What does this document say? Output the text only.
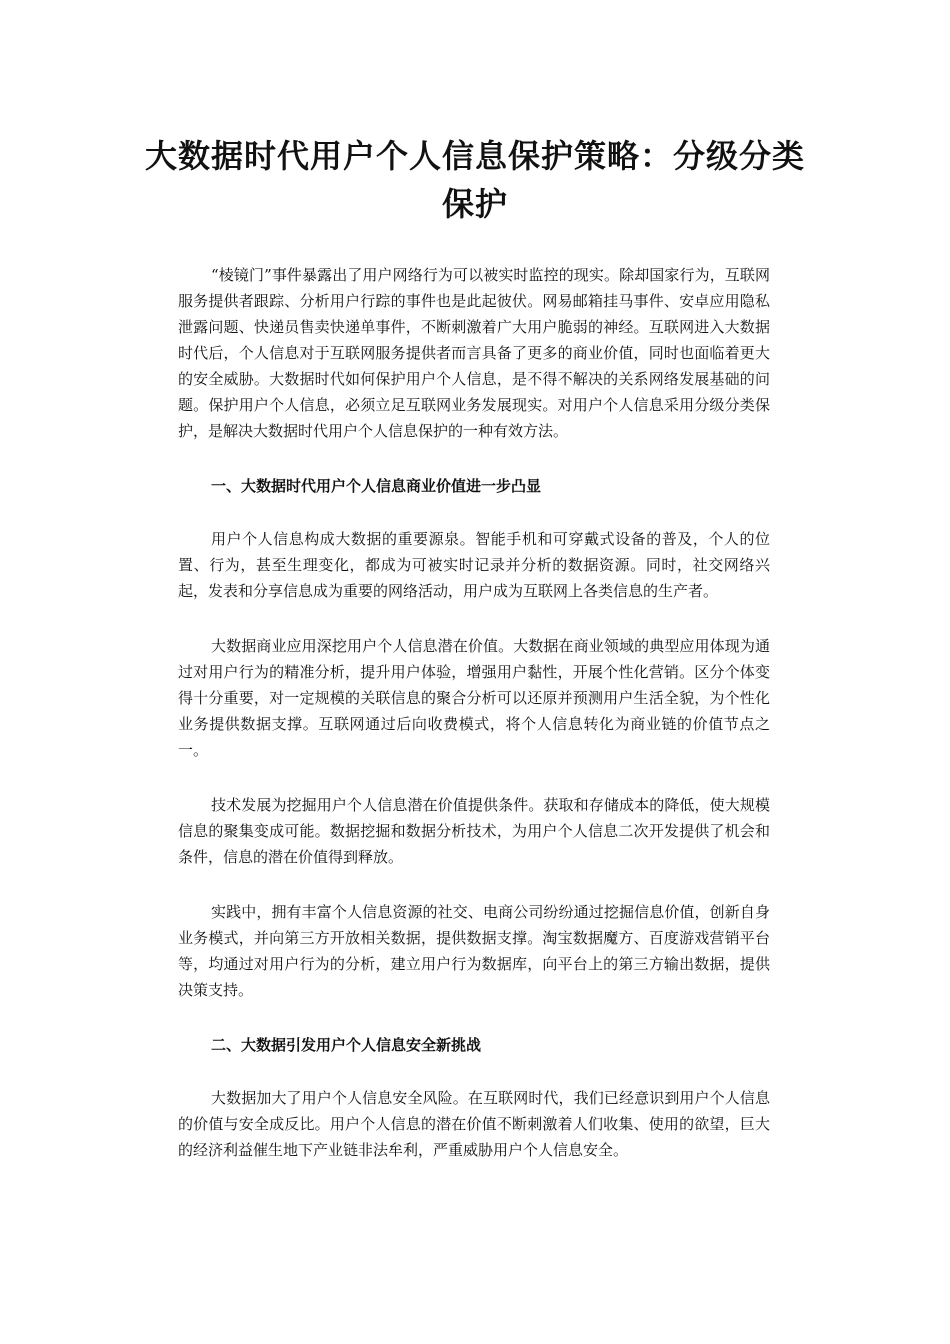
大数据时代用户个人信息保护策略：分级分类保护

“棱镜门”事件暴露出了用户网络行为可以被实时监控的现实。除却国家行为，互联网服务提供者跟踪、分析用户行踪的事件也是此起彼伏。网易邮箱挂马事件、安卓应用隐私泄露问题、快递员售卖快递单事件，不断刺激着广大用户脆弱的神经。互联网进入大数据时代后，个人信息对于互联网服务提供者而言具备了更多的商业价值，同时也面临着更大的安全威胁。大数据时代如何保护用户个人信息，是不得不解决的关系网络发展基础的问题。保护用户个人信息，必须立足互联网业务发展现实。对用户个人信息采用分级分类保护，是解决大数据时代用户个人信息保护的一种有效方法。

一、大数据时代用户个人信息商业价值进一步凸显

用户个人信息构成大数据的重要源泉。智能手机和可穿戴式设备的普及，个人的位置、行为，甚至生理变化，都成为可被实时记录并分析的数据资源。同时，社交网络兴起，发表和分享信息成为重要的网络活动，用户成为互联网上各类信息的生产者。

大数据商业应用深挖用户个人信息潜在价值。大数据在商业领域的典型应用体现为通过对用户行为的精准分析，提升用户体验，增强用户黏性，开展个性化营销。区分个体变得十分重要，对一定规模的关联信息的聚合分析可以还原并预测用户生活全貌，为个性化业务提供数据支撑。互联网通过后向收费模式，将个人信息转化为商业链的价值节点之一。

技术发展为挖掘用户个人信息潜在价值提供条件。获取和存储成本的降低，使大规模信息的聚集变成可能。数据挖掘和数据分析技术，为用户个人信息二次开发提供了机会和条件，信息的潜在价值得到释放。

实践中，拥有丰富个人信息资源的社交、电商公司纷纷通过挖掘信息价值，创新自身业务模式，并向第三方开放相关数据，提供数据支撑。淘宝数据魔方、百度游戏营销平台等，均通过对用户行为的分析，建立用户行为数据库，向平台上的第三方输出数据，提供决策支持。

二、大数据引发用户个人信息安全新挑战

大数据加大了用户个人信息安全风险。在互联网时代，我们已经意识到用户个人信息的价值与安全成反比。用户个人信息的潜在价值不断刺激着人们收集、使用的欲望，巨大的经济利益催生地下产业链非法牟利，严重威胁用户个人信息安全。
